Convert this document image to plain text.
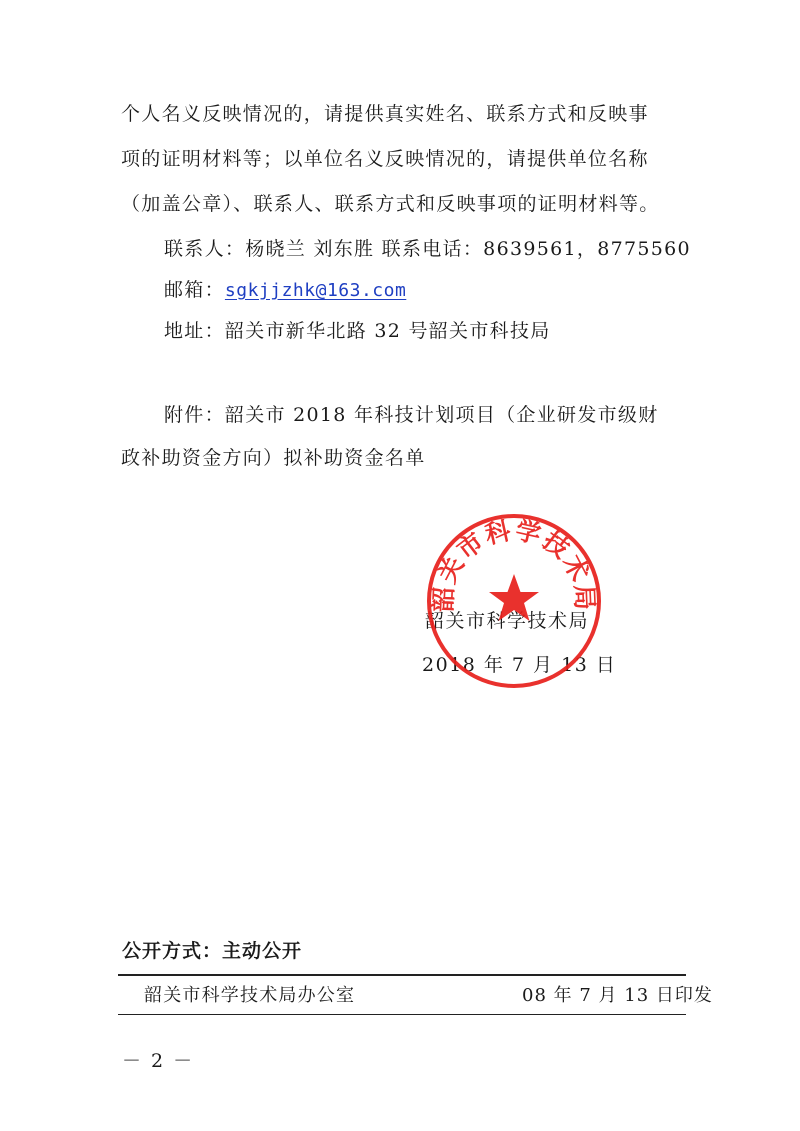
个人名义反映情况的，请提供真实姓名、联系方式和反映事
项的证明材料等；以单位名义反映情况的，请提供单位名称
（加盖公章）、联系人、联系方式和反映事项的证明材料等。
联系人：杨晓兰 刘东胜 联系电话：8639561，8775560
邮箱：sgkjjzhk@163.com
地址：韶关市新华北路 32 号韶关市科技局
附件：韶关市 2018 年科技计划项目（企业研发市级财
政补助资金方向）拟补助资金名单
韶关市科学技术局
2018 年 7 月 13 日
韶关市科学技术局
公开方式：主动公开
韶关市科学技术局办公室	08 年 7 月 13 日印发
－ 2 －
